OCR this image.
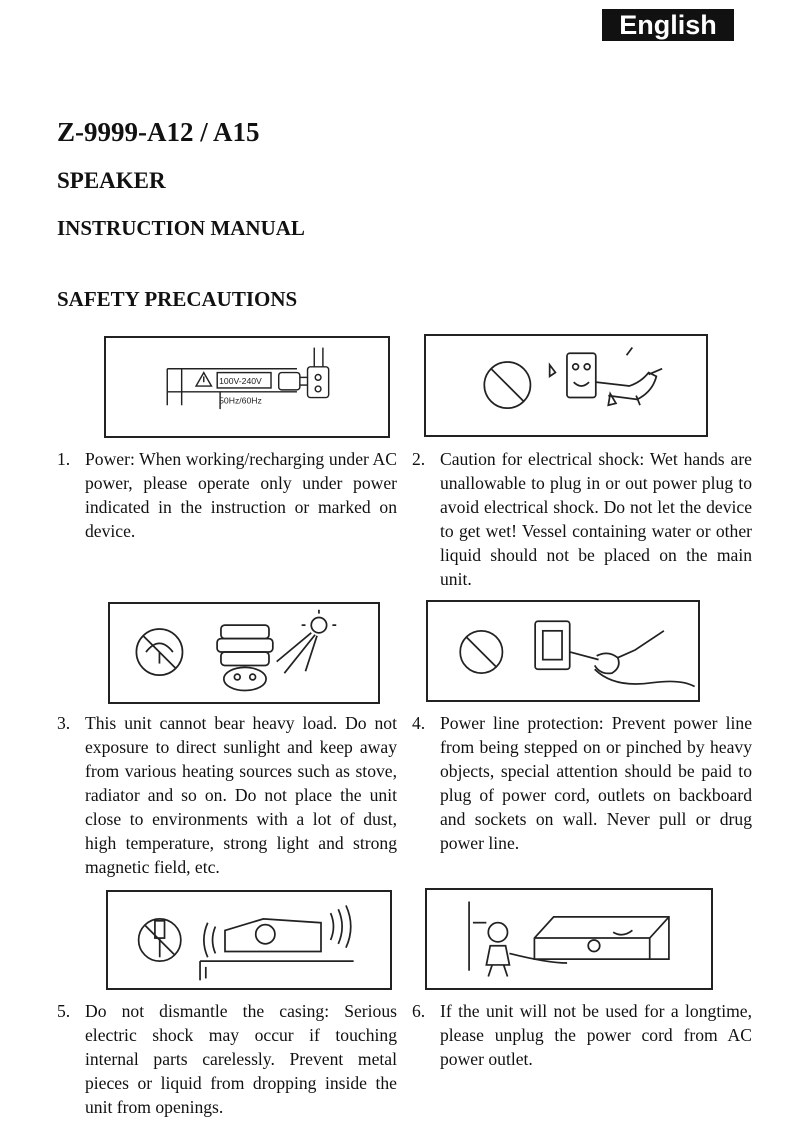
English
Z-9999-A12 / A15
SPEAKER
INSTRUCTION MANUAL
SAFETY PRECAUTIONS
100V-240V
50Hz/60Hz
1. Power: When working/recharging under AC power, please operate only under power indicated in the instruction or marked on device.
2. Caution for electrical shock: Wet hands are unallowable to plug in or out power plug to avoid electrical shock. Do not let the device to get wet! Vessel containing water or other liquid should not be placed on the main unit.
3. This unit cannot bear heavy load. Do not exposure to direct sunlight and keep away from various heating sources such as stove, radiator and so on. Do not place the unit close to environments with a lot of dust, high temperature, strong light and strong magnetic field, etc.
4. Power line protection: Prevent power line from being stepped on or pinched by heavy objects, special attention should be paid to plug of power cord, outlets on backboard and sockets on wall. Never pull or drug power line.
5. Do not dismantle the casing: Serious electric shock may occur if touching internal parts carelessly. Prevent metal pieces or liquid from dropping inside the unit from openings.
6. If the unit will not be used for a longtime, please unplug the power cord from AC power outlet.
